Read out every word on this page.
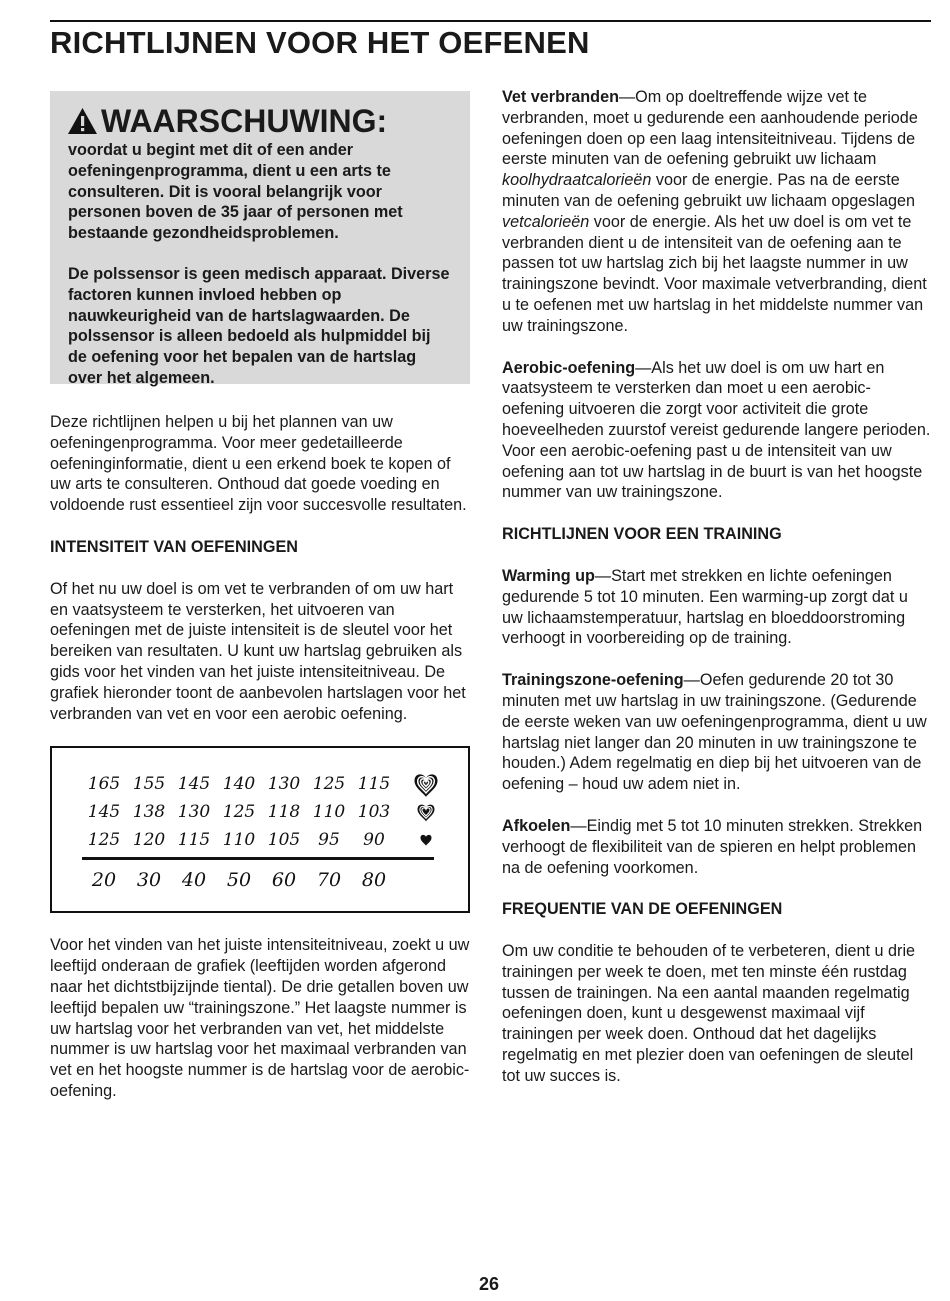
RICHTLIJNEN VOOR HET OEFENEN
WAARSCHUWING:

voordat u begint met dit of een ander oefeningenprogramma, dient u een arts te consulteren. Dit is vooral belangrijk voor personen boven de 35 jaar of personen met bestaande gezondheidsproblemen.

De polssensor is geen medisch apparaat. Diverse factoren kunnen invloed hebben op nauwkeurigheid van de hartslagwaarden. De polssensor is alleen bedoeld als hulpmiddel bij de oefening voor het bepalen van de hartslag over het algemeen.

Deze richtlijnen helpen u bij het plannen van uw oefeningenprogramma. Voor meer gedetailleerde oefeninginformatie, dient u een erkend boek te kopen of uw arts te consulteren. Onthoud dat goede voeding en voldoende rust essentieel zijn voor succesvolle resultaten.

INTENSITEIT VAN OEFENINGEN

Of het nu uw doel is om vet te verbranden of om uw hart en vaatsysteem te versterken, het uitvoeren van oefeningen met de juiste intensiteit is de sleutel voor het bereiken van resultaten. U kunt uw hartslag gebruiken als gids voor het vinden van het juiste intensiteitniveau. De grafiek hieronder toont de aanbevolen hartslagen voor het verbranden van vet en voor een aerobic oefening.

165 155 145 140 130 125 115
145 138 130 125 118 110 103
125 120 115 110 105 95 90
20 30 40 50 60 70 80

Voor het vinden van het juiste intensiteitniveau, zoekt u uw leeftijd onderaan de grafiek (leeftijden worden afgerond naar het dichtstbijzijnde tiental). De drie getallen boven uw leeftijd bepalen uw “trainingszone.” Het laagste nummer is uw hartslag voor het verbranden van vet, het middelste nummer is uw hartslag voor het maximaal verbranden van vet en het hoogste nummer is de hartslag voor de aerobic-oefening.

Vet verbranden—Om op doeltreffende wijze vet te verbranden, moet u gedurende een aanhoudende periode oefeningen doen op een laag intensiteitniveau. Tijdens de eerste minuten van de oefening gebruikt uw lichaam koolhydraatcalorieën voor de energie. Pas na de eerste minuten van de oefening gebruikt uw lichaam opgeslagen vetcalorieën voor de energie. Als het uw doel is om vet te verbranden dient u de intensiteit van de oefening aan te passen tot uw hartslag zich bij het laagste nummer in uw trainingszone bevindt. Voor maximale vetverbranding, dient u te oefenen met uw hartslag in het middelste nummer van uw trainingszone.

Aerobic-oefening—Als het uw doel is om uw hart en vaatsysteem te versterken dan moet u een aerobic-oefening uitvoeren die zorgt voor activiteit die grote hoeveelheden zuurstof vereist gedurende langere perioden. Voor een aerobic-oefening past u de intensiteit van uw oefening aan tot uw hartslag in de buurt is van het hoogste nummer van uw trainingszone.

RICHTLIJNEN VOOR EEN TRAINING

Warming up—Start met strekken en lichte oefeningen gedurende 5 tot 10 minuten. Een warming-up zorgt dat u uw lichaamstemperatuur, hartslag en bloeddoorstroming verhoogt in voorbereiding op de training.

Trainingszone-oefening—Oefen gedurende 20 tot 30 minuten met uw hartslag in uw trainingszone. (Gedurende de eerste weken van uw oefeningenprogramma, dient u uw hartslag niet langer dan 20 minuten in uw trainingszone te houden.) Adem regelmatig en diep bij het uitvoeren van de oefening – houd uw adem niet in.

Afkoelen—Eindig met 5 tot 10 minuten strekken. Strekken verhoogt de flexibiliteit van de spieren en helpt problemen na de oefening voorkomen.

FREQUENTIE VAN DE OEFENINGEN

Om uw conditie te behouden of te verbeteren, dient u drie trainingen per week te doen, met ten minste één rustdag tussen de trainingen. Na een aantal maanden regelmatig oefeningen doen, kunt u desgewenst maximaal vijf trainingen per week doen. Onthoud dat het dagelijks regelmatig en met plezier doen van oefeningen de sleutel tot uw succes is.

26
